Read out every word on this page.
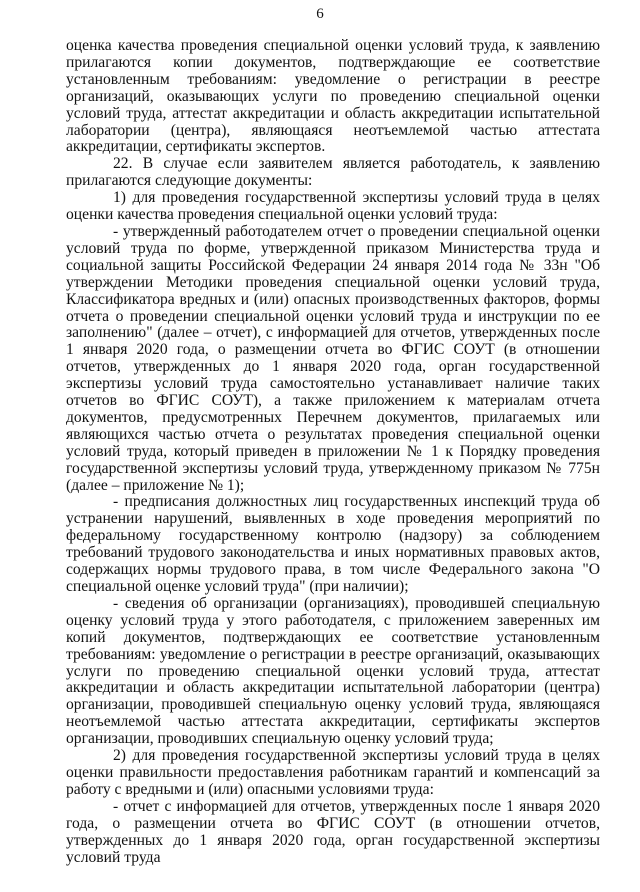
6

оценка качества проведения специальной оценки условий труда, к заявлению прилагаются копии документов, подтверждающие ее соответствие установленным требованиям: уведомление о регистрации в реестре организаций, оказывающих услуги по проведению специальной оценки условий труда, аттестат аккредитации и область аккредитации испытательной лаборатории (центра), являющаяся неотъемлемой частью аттестата аккредитации, сертификаты экспертов.

22. В случае если заявителем является работодатель, к заявлению прилагаются следующие документы:

1) для проведения государственной экспертизы условий труда в целях оценки качества проведения специальной оценки условий труда:

- утвержденный работодателем отчет о проведении специальной оценки условий труда по форме, утвержденной приказом Министерства труда и социальной защиты Российской Федерации 24 января 2014 года № 33н "Об утверждении Методики проведения специальной оценки условий труда, Классификатора вредных и (или) опасных производственных факторов, формы отчета о проведении специальной оценки условий труда и инструкции по ее заполнению" (далее – отчет), с информацией для отчетов, утвержденных после 1 января 2020 года, о размещении отчета во ФГИС СОУТ (в отношении отчетов, утвержденных до 1 января 2020 года, орган государственной экспертизы условий труда самостоятельно устанавливает наличие таких отчетов во ФГИС СОУТ), а также приложением к материалам отчета документов, предусмотренных Перечнем документов, прилагаемых или являющихся частью отчета о результатах проведения специальной оценки условий труда, который приведен в приложении № 1 к Порядку проведения государственной экспертизы условий труда, утвержденному приказом № 775н (далее – приложение № 1);

- предписания должностных лиц государственных инспекций труда об устранении нарушений, выявленных в ходе проведения мероприятий по федеральному государственному контролю (надзору) за соблюдением требований трудового законодательства и иных нормативных правовых актов, содержащих нормы трудового права, в том числе Федерального закона "О специальной оценке условий труда" (при наличии);

- сведения об организации (организациях), проводившей специальную оценку условий труда у этого работодателя, с приложением заверенных им копий документов, подтверждающих ее соответствие установленным требованиям: уведомление о регистрации в реестре организаций, оказывающих услуги по проведению специальной оценки условий труда, аттестат аккредитации и область аккредитации испытательной лаборатории (центра) организации, проводившей специальную оценку условий труда, являющаяся неотъемлемой частью аттестата аккредитации, сертификаты экспертов организации, проводивших специальную оценку условий труда;

2) для проведения государственной экспертизы условий труда в целях оценки правильности предоставления работникам гарантий и компенсаций за работу с вредными и (или) опасными условиями труда:

- отчет с информацией для отчетов, утвержденных после 1 января 2020 года, о размещении отчета во ФГИС СОУТ (в отношении отчетов, утвержденных до 1 января 2020 года, орган государственной экспертизы условий труда
